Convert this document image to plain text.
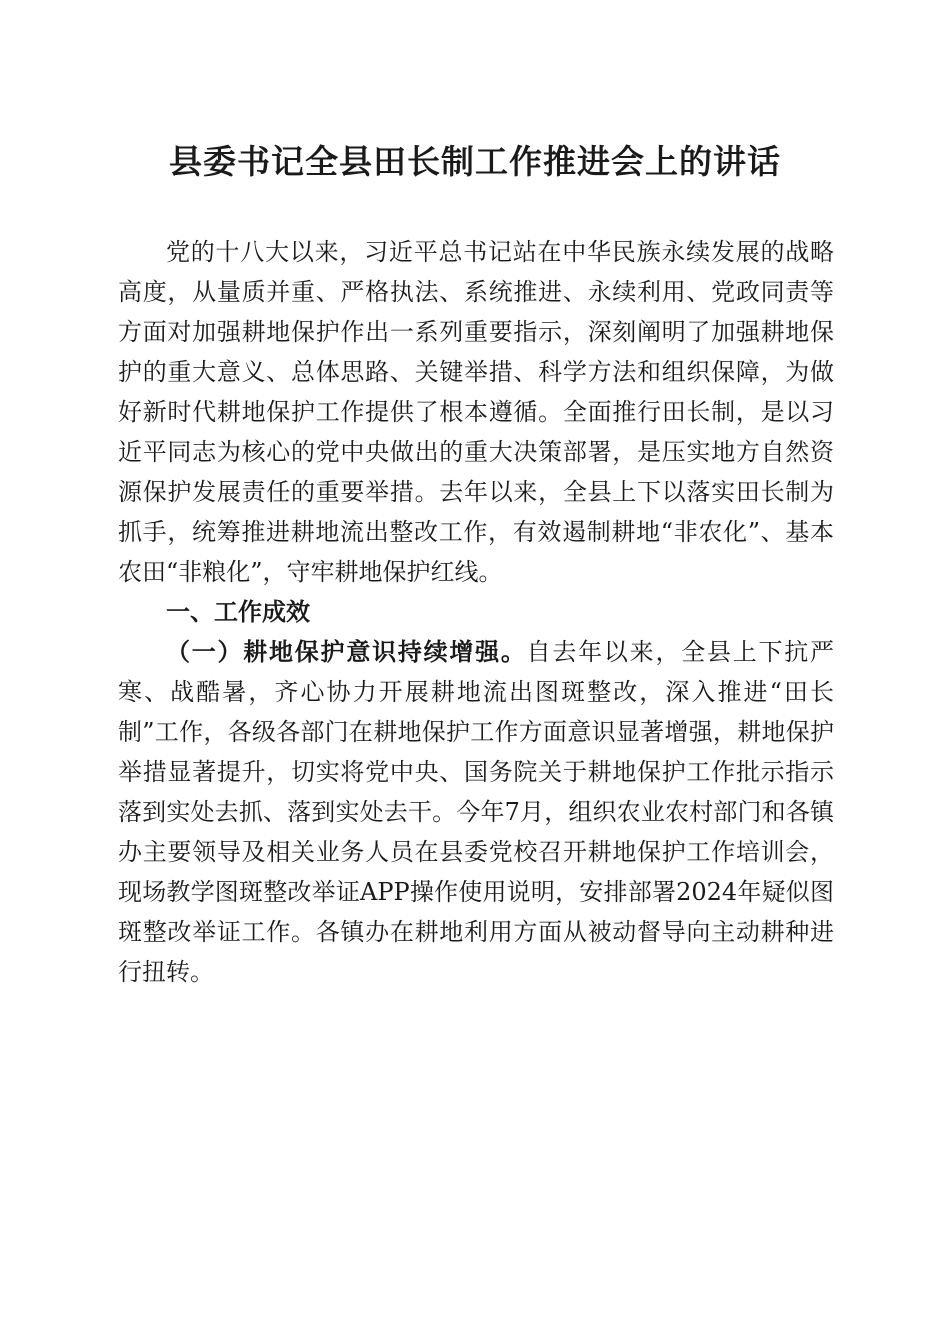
县委书记全县田长制工作推进会上的讲话

党的十八大以来，习近平总书记站在中华民族永续发展的战略高度，从量质并重、严格执法、系统推进、永续利用、党政同责等方面对加强耕地保护作出一系列重要指示，深刻阐明了加强耕地保护的重大意义、总体思路、关键举措、科学方法和组织保障，为做好新时代耕地保护工作提供了根本遵循。全面推行田长制，是以习近平同志为核心的党中央做出的重大决策部署，是压实地方自然资源保护发展责任的重要举措。去年以来，全县上下以落实田长制为抓手，统筹推进耕地流出整改工作，有效遏制耕地“非农化”、基本农田“非粮化”，守牢耕地保护红线。

一、工作成效

（一）耕地保护意识持续增强。自去年以来，全县上下抗严寒、战酷暑，齐心协力开展耕地流出图斑整改，深入推进“田长制”工作，各级各部门在耕地保护工作方面意识显著增强，耕地保护举措显著提升，切实将党中央、国务院关于耕地保护工作批示指示落到实处去抓、落到实处去干。今年7月，组织农业农村部门和各镇办主要领导及相关业务人员在县委党校召开耕地保护工作培训会，现场教学图斑整改举证APP操作使用说明，安排部署2024年疑似图斑整改举证工作。各镇办在耕地利用方面从被动督导向主动耕种进行扭转。
